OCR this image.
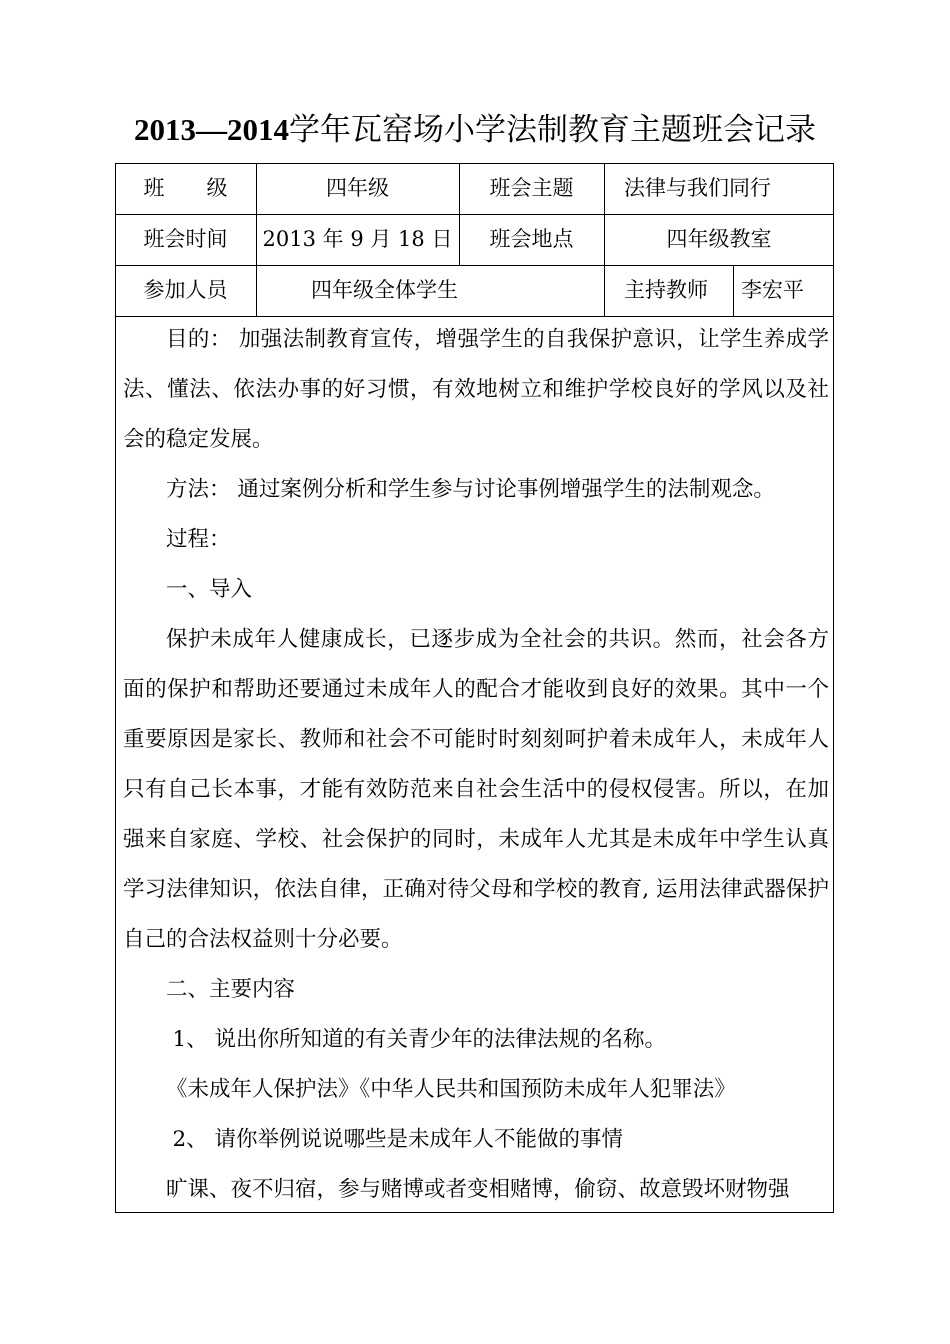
2013—2014学年瓦窑场小学法制教育主题班会记录
班　　级	四年级	班会主题	法律与我们同行
班会时间	2013 年 9 月 18 日	班会地点	四年级教室
参加人员	四年级全体学生	主持教师	李宏平

目的： 加强法制教育宣传，增强学生的自我保护意识，让学生养成学法、懂法、依法办事的好习惯，有效地树立和维护学校良好的学风以及社会的稳定发展。

方法： 通过案例分析和学生参与讨论事例增强学生的法制观念。

过程：

一、导入

保护未成年人健康成长，已逐步成为全社会的共识。然而，社会各方面的保护和帮助还要通过未成年人的配合才能收到良好的效果。其中一个重要原因是家长、教师和社会不可能时时刻刻呵护着未成年人，未成年人只有自己长本事，才能有效防范来自社会生活中的侵权侵害。所以，在加强来自家庭、学校、社会保护的同时，未成年人尤其是未成年中学生认真学习法律知识，依法自律，正确对待父母和学校的教育, 运用法律武器保护自己的合法权益则十分必要。

二、主要内容

1、 说出你所知道的有关青少年的法律法规的名称。

《未成年人保护法》《中华人民共和国预防未成年人犯罪法》

2、 请你举例说说哪些是未成年人不能做的事情

旷课、夜不归宿，参与赌博或者变相赌博，偷窃、故意毁坏财物强
